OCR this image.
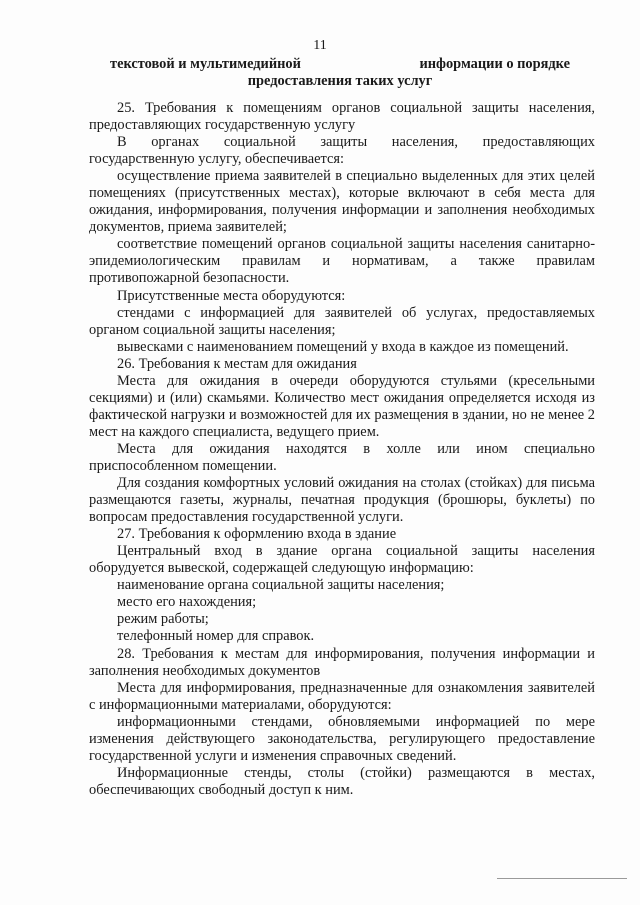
11
текстовой и мультимедийной	информации о порядке
предоставления таких услуг

25. Требования к помещениям органов социальной защиты населения, предоставляющих государственную услугу

В органах социальной защиты населения, предоставляющих государственную услугу, обеспечивается:

осуществление приема заявителей в специально выделенных для этих целей помещениях (присутственных местах), которые включают в себя места для ожидания, информирования, получения информации и заполнения необходимых документов, приема заявителей;

соответствие помещений органов социальной защиты населения санитарно-эпидемиологическим правилам и нормативам, а также правилам противопожарной безопасности.

Присутственные места оборудуются:

стендами с информацией для заявителей об услугах, предоставляемых органом социальной защиты населения;

вывесками с наименованием помещений у входа в каждое из помещений.

26. Требования к местам для ожидания

Места для ожидания в очереди оборудуются стульями (кресельными секциями) и (или) скамьями. Количество мест ожидания определяется исходя из фактической нагрузки и возможностей для их размещения в здании, но не менее 2 мест на каждого специалиста, ведущего прием.

Места для ожидания находятся в холле или ином специально приспособленном помещении.

Для создания комфортных условий ожидания на столах (стойках) для письма размещаются газеты, журналы, печатная продукция (брошюры, буклеты) по вопросам предоставления государственной услуги.

27. Требования к оформлению входа в здание

Центральный вход в здание органа социальной защиты населения оборудуется вывеской, содержащей следующую информацию:

наименование органа социальной защиты населения;

место его нахождения;

режим работы;

телефонный номер для справок.

28. Требования к местам для информирования, получения информации и заполнения необходимых документов

Места для информирования, предназначенные для ознакомления заявителей с информационными материалами, оборудуются:

информационными стендами, обновляемыми информацией по мере изменения действующего законодательства, регулирующего предоставление государственной услуги и изменения справочных сведений.

Информационные стенды, столы (стойки) размещаются в местах, обеспечивающих свободный доступ к ним.
